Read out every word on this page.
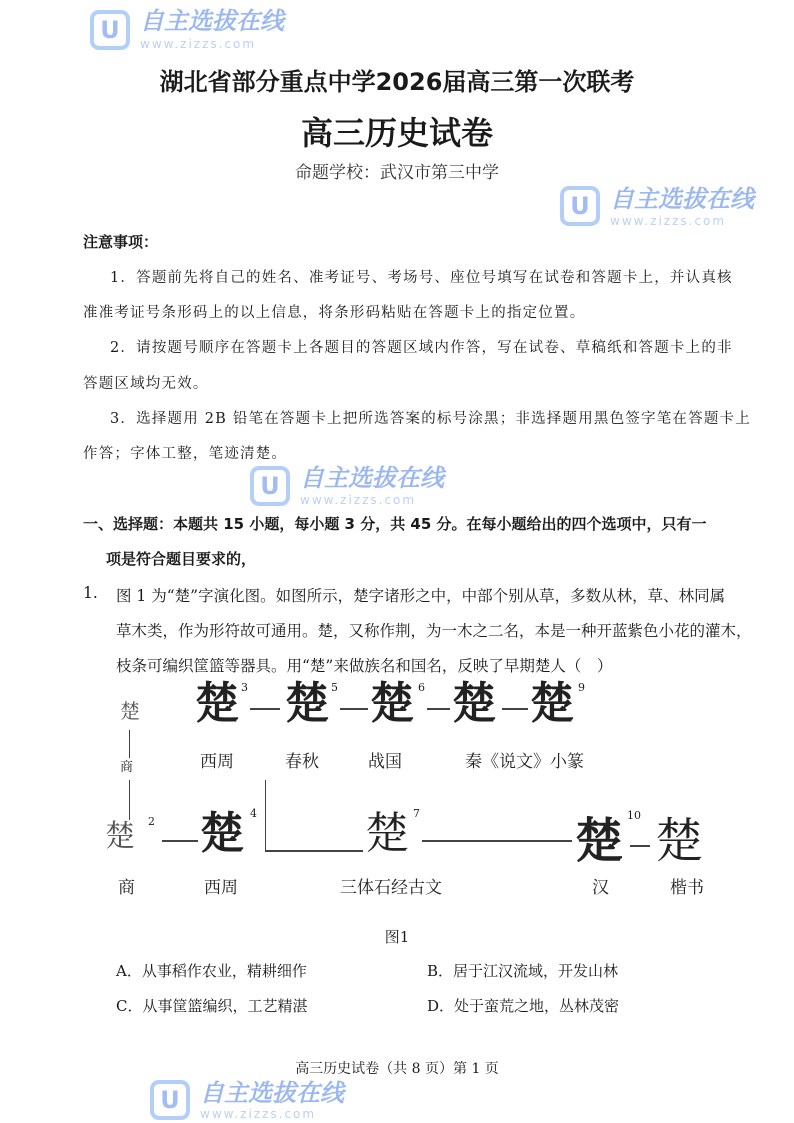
湖北省部分重点中学2026届高三第一次联考
高三历史试卷
命题学校：武汉市第三中学
注意事项：
1．答题前先将自己的姓名、准考证号、考场号、座位号填写在试卷和答题卡上，并认真核
准准考证号条形码上的以上信息，将条形码粘贴在答题卡上的指定位置。
2．请按题号顺序在答题卡上各题目的答题区域内作答，写在试卷、草稿纸和答题卡上的非
答题区域均无效。
3．选择题用 2B 铅笔在答题卡上把所选答案的标号涂黑；非选择题用黑色签字笔在答题卡上
作答；字体工整，笔迹清楚。
一、选择题：本题共 15 小题，每小题 3 分，共 45 分。在每小题给出的四个选项中，只有一
项是符合题目要求的，
1. 图 1 为“楚”字演化图。如图所示，楚字诸形之中，中部个别从草，多数从林，草、林同属
草木类，作为形符故可通用。楚，又称作荆，为一木之二名，本是一种开蓝紫色小花的灌木，
枝条可编织筐篮等器具。用“楚”来做族名和国名，反映了早期楚人（　）
楚
商
楚 3 楚 5 楚 6 楚 楚 9
西周	春秋	战国	秦《说文》小篆
楚 2 楚 4 楚 7	楚 10 楚
商	西周	三体石经古文	汉	楷书
图1
A．从事稻作农业，精耕细作	B．居于江汉流域，开发山林
C．从事筐篮编织，工艺精湛	D．处于蛮荒之地，丛林茂密
高三历史试卷（共 8 页）第 1 页
U 自主选拔在线
www.zizzs.com
U 自主选拔在线
www.zizzs.com
U 自主选拔在线
www.zizzs.com
U 自主选拔在线
www.zizzs.com
